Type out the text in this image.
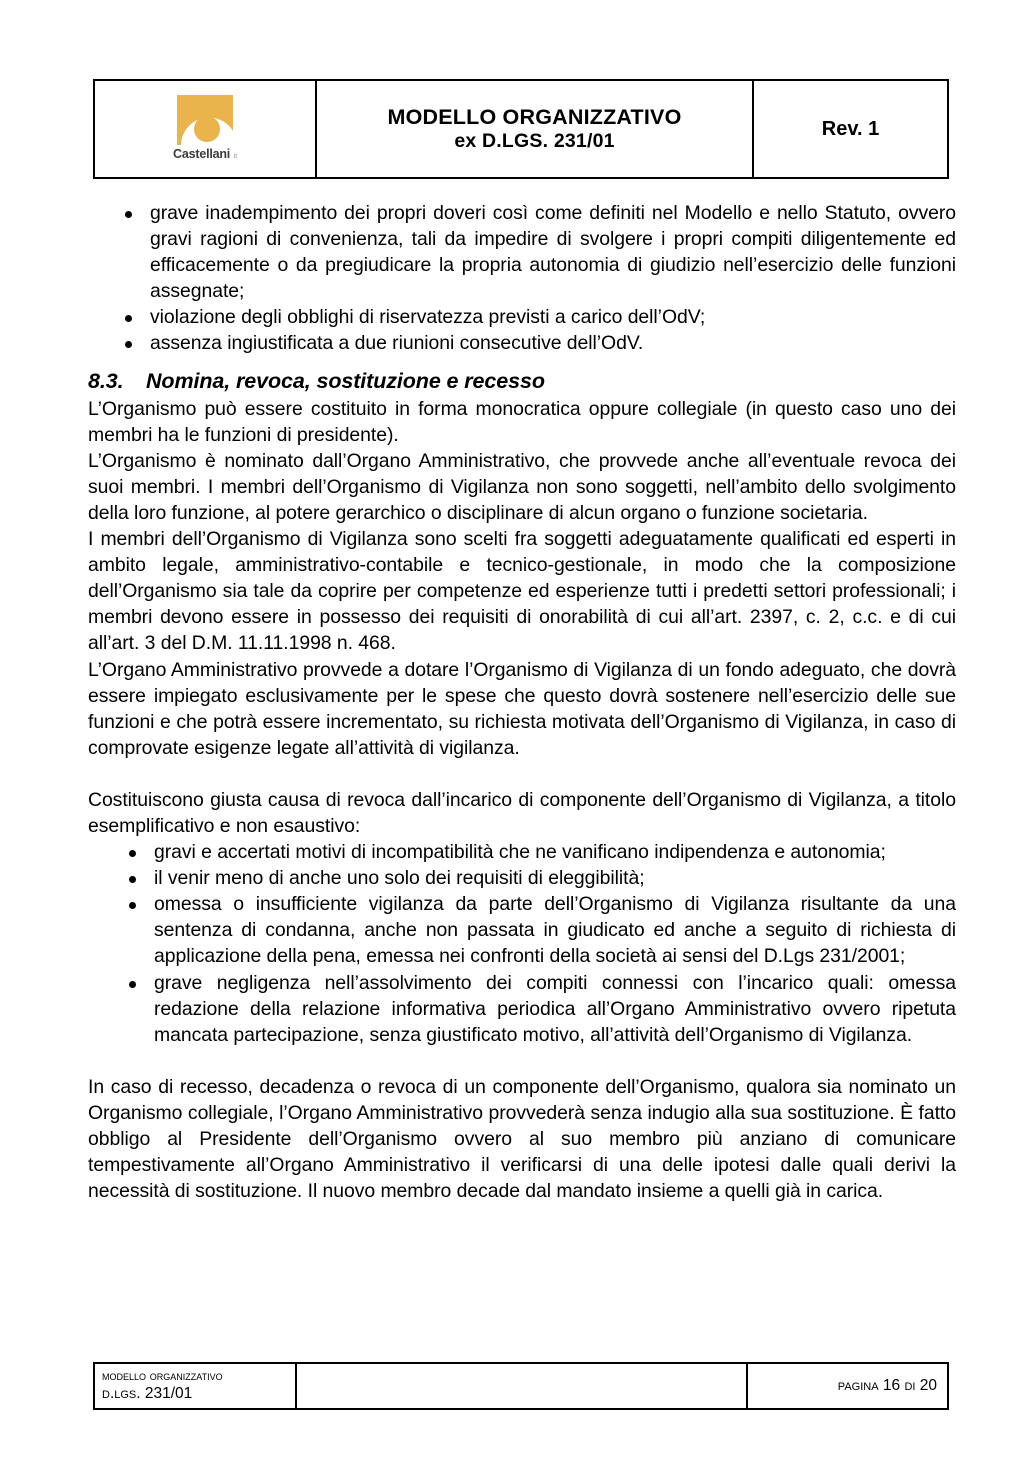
Castellani .it
MODELLO ORGANIZZATIVO
ex D.LGS. 231/01
Rev. 1
grave inadempimento dei propri doveri così come definiti nel Modello e nello Statuto, ovvero gravi ragioni di convenienza, tali da impedire di svolgere i propri compiti diligentemente ed efficacemente o da pregiudicare la propria autonomia di giudizio nell’esercizio delle funzioni assegnate;
violazione degli obblighi di riservatezza previsti a carico dell’OdV;
assenza ingiustificata a due riunioni consecutive dell’OdV.
8.3. Nomina, revoca, sostituzione e recesso

L’Organismo può essere costituito in forma monocratica oppure collegiale (in questo caso uno dei membri ha le funzioni di presidente).

L’Organismo è nominato dall’Organo Amministrativo, che provvede anche all’eventuale revoca dei suoi membri. I membri dell’Organismo di Vigilanza non sono soggetti, nell’ambito dello svolgimento della loro funzione, al potere gerarchico o disciplinare di alcun organo o funzione societaria.

I membri dell’Organismo di Vigilanza sono scelti fra soggetti adeguatamente qualificati ed esperti in ambito legale, amministrativo-contabile e tecnico-gestionale, in modo che la composizione dell’Organismo sia tale da coprire per competenze ed esperienze tutti i predetti settori professionali; i membri devono essere in possesso dei requisiti di onorabilità di cui all’art. 2397, c. 2, c.c. e di cui all’art. 3 del D.M. 11.11.1998 n. 468.

L’Organo Amministrativo provvede a dotare l’Organismo di Vigilanza di un fondo adeguato, che dovrà essere impiegato esclusivamente per le spese che questo dovrà sostenere nell’esercizio delle sue funzioni e che potrà essere incrementato, su richiesta motivata dell’Organismo di Vigilanza, in caso di comprovate esigenze legate all’attività di vigilanza.

Costituiscono giusta causa di revoca dall’incarico di componente dell’Organismo di Vigilanza, a titolo esemplificativo e non esaustivo:

gravi e accertati motivi di incompatibilità che ne vanificano indipendenza e autonomia;
il venir meno di anche uno solo dei requisiti di eleggibilità;
omessa o insufficiente vigilanza da parte dell’Organismo di Vigilanza risultante da una sentenza di condanna, anche non passata in giudicato ed anche a seguito di richiesta di applicazione della pena, emessa nei confronti della società ai sensi del D.Lgs 231/2001;
grave negligenza nell’assolvimento dei compiti connessi con l’incarico quali: omessa redazione della relazione informativa periodica all’Organo Amministrativo ovvero ripetuta mancata partecipazione, senza giustificato motivo, all’attività dell’Organismo di Vigilanza.

In caso di recesso, decadenza o revoca di un componente dell’Organismo, qualora sia nominato un Organismo collegiale, l’Organo Amministrativo provvederà senza indugio alla sua sostituzione. È fatto obbligo al Presidente dell’Organismo ovvero al suo membro più anziano di comunicare tempestivamente all’Organo Amministrativo il verificarsi di una delle ipotesi dalle quali derivi la necessità di sostituzione. Il nuovo membro decade dal mandato insieme a quelli già in carica.

modello organizzativo
d.lgs. 231/01	pagina 16 di 20
